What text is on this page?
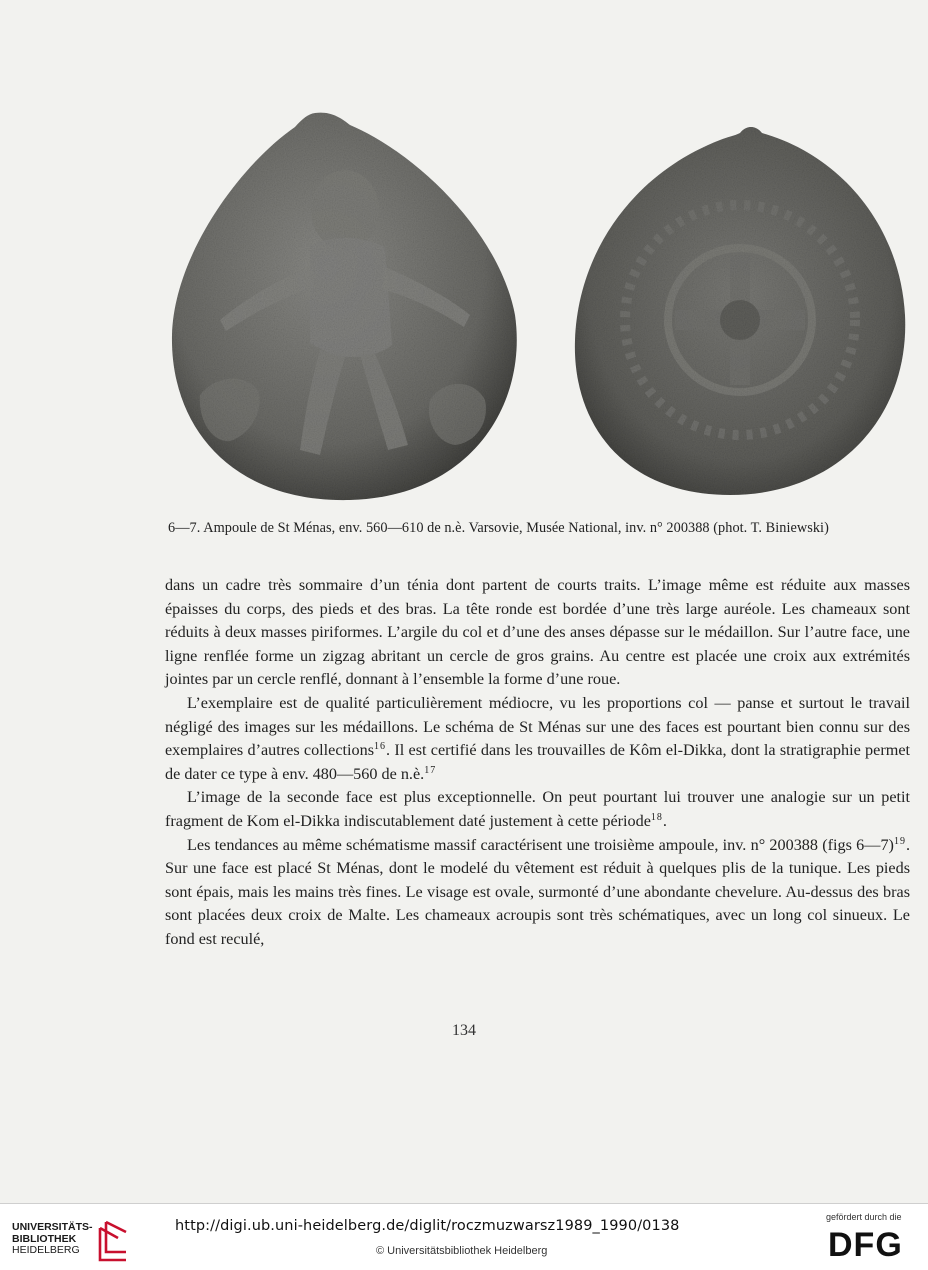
6—7. Ampoule de St Ménas, env. 560—610 de n.è. Varsovie, Musée National, inv. n° 200388 (phot. T. Biniewski)

dans un cadre très sommaire d’un ténia dont partent de courts traits. L’image même est réduite aux masses épaisses du corps, des pieds et des bras. La tête ronde est bordée d’une très large auréole. Les chameaux sont réduits à deux masses piriformes. L’argile du col et d’une des anses dépasse sur le médaillon. Sur l’autre face, une ligne renflée forme un zigzag abritant un cercle de gros grains. Au centre est placée une croix aux extrémités jointes par un cercle renflé, donnant à l’ensemble la forme d’une roue.

L’exemplaire est de qualité particulièrement médiocre, vu les proportions col — panse et surtout le travail négligé des images sur les médaillons. Le schéma de St Ménas sur une des faces est pourtant bien connu sur des exemplaires d’autres collections$^{16}$. Il est certifié dans les trouvailles de Kôm el-Dikka, dont la stratigraphie permet de dater ce type à env. 480—560 de n.è.$^{17}$

L’image de la seconde face est plus exceptionnelle. On peut pourtant lui trouver une analogie sur un petit fragment de Kom el-Dikka indiscutablement daté justement à cette période$^{18}$.

Les tendances au même schématisme massif caractérisent une troisième ampoule, inv. n° 200388 (figs 6—7)$^{19}$. Sur une face est placé St Ménas, dont le modelé du vêtement est réduit à quelques plis de la tunique. Les pieds sont épais, mais les mains très fines. Le visage est ovale, surmonté d’une abondante chevelure. Au-dessus des bras sont placées deux croix de Malte. Les chameaux acroupis sont très schématiques, avec un long col sinueux. Le fond est reculé,

134
UNIVERSITÄTS-
BIBLIOTHEK
HEIDELBERG
http://digi.ub.uni-heidelberg.de/diglit/roczmuzwarsz1989_1990/0138
© Universitätsbibliothek Heidelberg
gefördert durch die
DFG
